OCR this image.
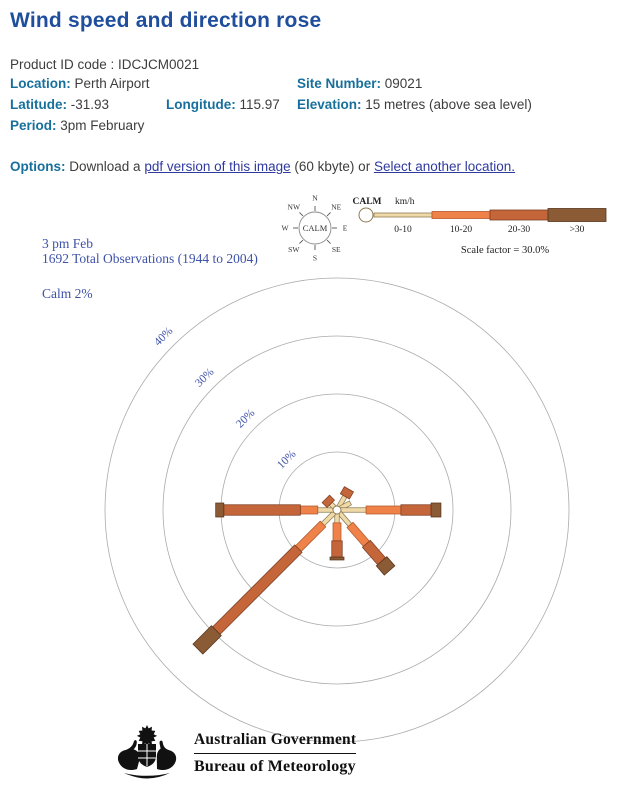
Wind speed and direction rose
Product ID code : IDCJCM0021
Location: Perth Airport	Site Number: 09021
Latitude: -31.93	Longitude: 115.97 Elevation: 15 metres (above sea level)
Period: 3pm February
Options: Download a pdf version of this image (60 kbyte) or Select another location.
3 pm Feb
1692 Total Observations (1944 to 2004)
Calm 2%
CALM
N
NE
E
SE
S
SW
W
NW	CALM km/h
0-10	10-20	20-30	>30
Scale factor = 30.0%
10%
20%
30%
40%
Australian Government
Bureau of Meteorology
